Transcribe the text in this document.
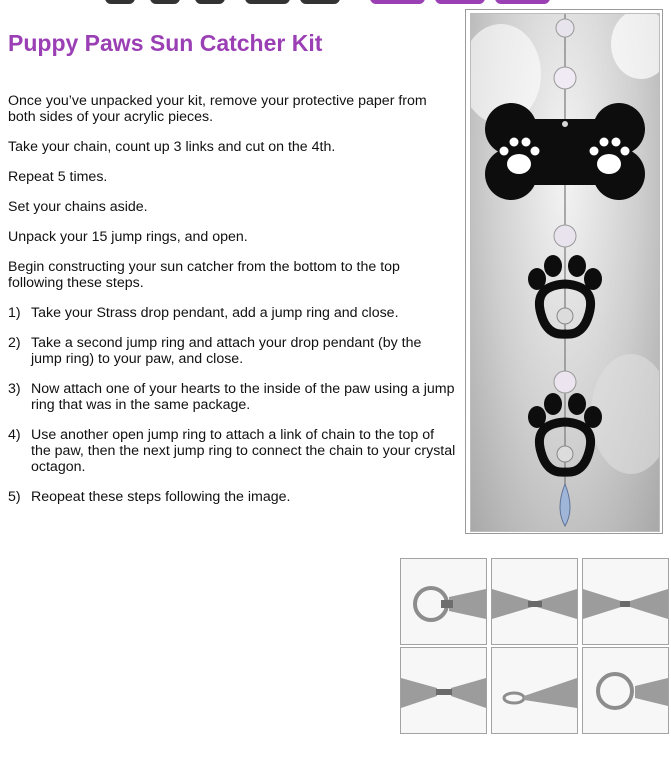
Puppy Paws Sun Catcher Kit

Once you’ve unpacked your kit, remove your protective paper from both sides of your acrylic pieces.

Take your chain, count up 3 links and cut on the 4th.

Repeat 5 times.

Set your chains aside.

Unpack your 15 jump rings, and open.

Begin constructing your sun catcher from the bottom to the top following these steps.

1) Take your Strass drop pendant, add a jump ring and close.
2) Take a second jump ring and attach your drop pendant (by the jump ring) to your paw, and close.
3) Now attach one of your hearts to the inside of the paw using a jump ring that was in the same package.
4) Use another open jump ring to attach a link of chain to the top of the paw, then the next jump ring to connect the chain to your crystal octagon.
5) Reopeat these steps following the image.
